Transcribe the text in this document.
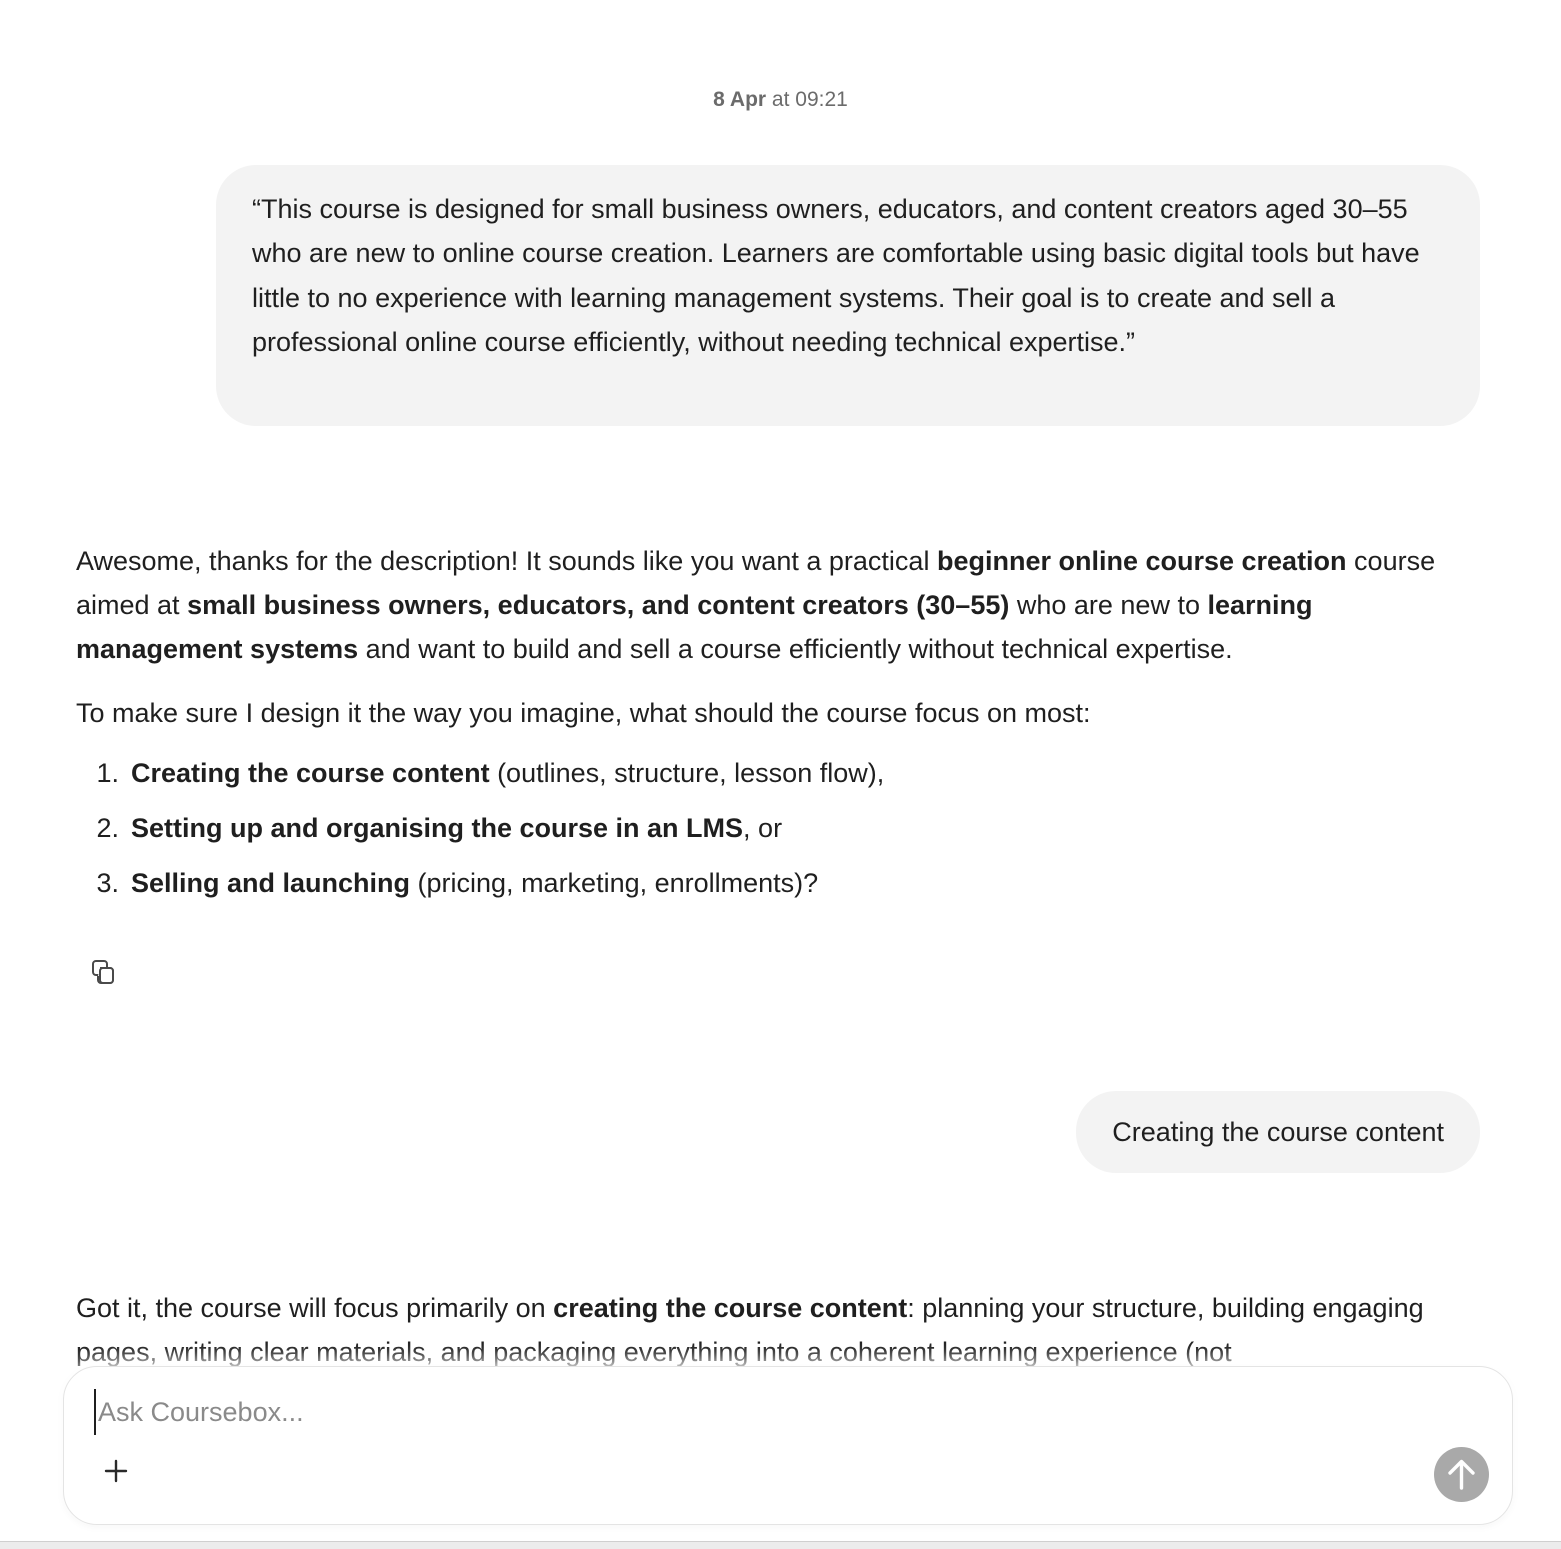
8 Apr at 09:21
“This course is designed for small business owners, educators, and content creators aged 30–55 who are new to online course creation. Learners are comfortable using basic digital tools but have little to no experience with learning management systems. Their goal is to create and sell a professional online course efficiently, without needing technical expertise.”

Awesome, thanks for the description! It sounds like you want a practical beginner online course creation course aimed at small business owners, educators, and content creators (30–55) who are new to learning management systems and want to build and sell a course efficiently without technical expertise.

To make sure I design it the way you imagine, what should the course focus on most:

1. Creating the course content (outlines, structure, lesson flow),
2. Setting up and organising the course in an LMS, or
3. Selling and launching (pricing, marketing, enrollments)?
Creating the course content

Got it, the course will focus primarily on creating the course content: planning your structure, building engaging pages, writing clear materials, and packaging everything into a coherent learning experience (not

Ask Coursebox...
